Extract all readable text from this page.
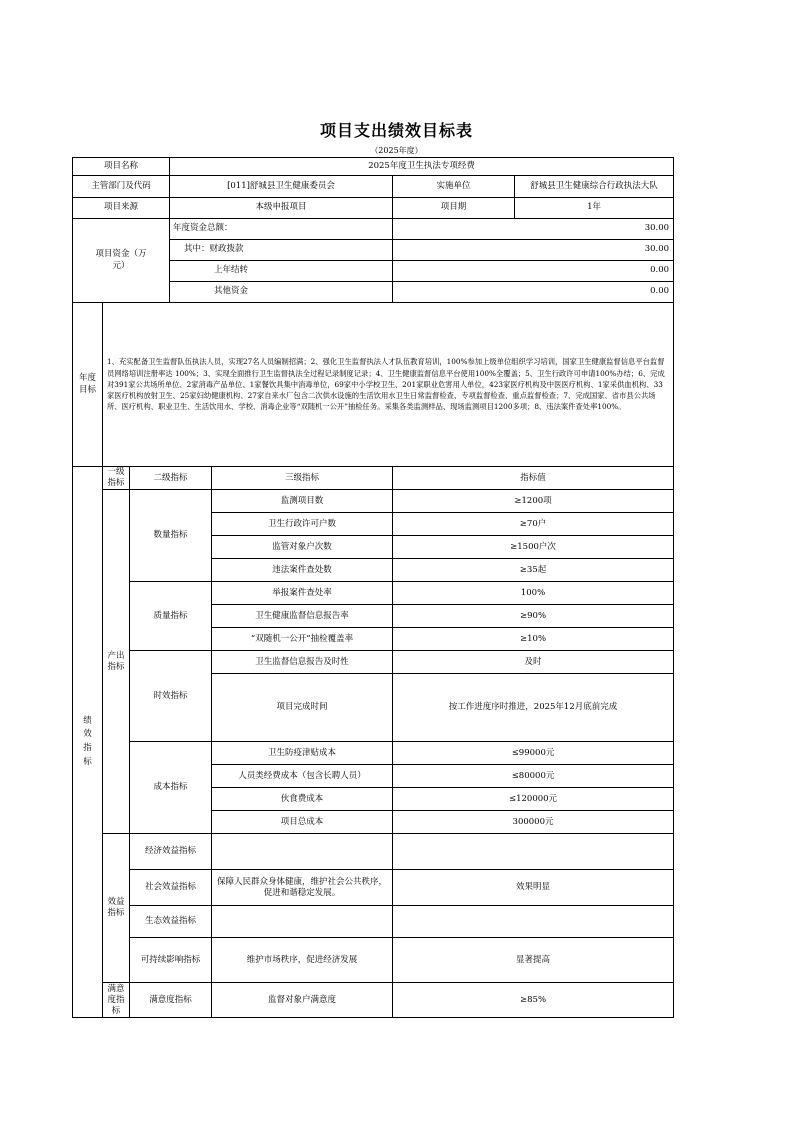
项目支出绩效目标表
（2025年度）
项目名称			2025年度卫生执法专项经费			
主管部门及代码			[011]舒城县卫生健康委员会		实施单位	舒城县卫生健康综合行政执法大队
项目来源			本级申报项目		项目期	1年
项目资金（万元）			年度资金总额：		30.00	
			其中：财政拨款		30.00	
			上年结转		0.00	
			其他资金		0.00	
年度目标	1、充实配备卫生监督队伍执法人员，实现27名人员编制招满；2、强化卫生监督执法人才队伍教育培训，100%参加上级单位组织学习培训，国家卫生健康监督信息平台监督员网络培训注册率达 100%；3、实现全面推行卫生监督执法全过程记录制度记录；4、卫生健康监督信息平台使用100%全覆盖；5、卫生行政许可申请100%办结；6、完成对391家公共场所单位、2家消毒产品单位、1家餐饮具集中消毒单位，69家中小学校卫生、201家职业危害用人单位，423家医疗机构及中医医疗机构、1家采供血机构、33家医疗机构放射卫生、25家妇幼健康机构、27家自来水厂包含二次供水设施的生活饮用水卫生日常监督检查、专项监督检查、重点监督检查；7、完成国家、省市县公共场所、医疗机构、职业卫生、生活饮用水、学校、消毒企业等“双随机一公开”抽检任务。采集各类监测样品、现场监测项目1200多项；8、违法案件查处率100%。					
绩效指标	一级指标	二级指标		三级指标	指标值	
	产出指标	数量指标		监测项目数	≥1200项	
				卫生行政许可户数	≥70户	
				监管对象户次数	≥1500户次	
				违法案件查处数	≥35起	
		质量指标		举报案件查处率	100%	
				卫生健康监督信息报告率	≥90%	
				“双随机一公开”抽检覆盖率	≥10%	
		时效指标		卫生监督信息报告及时性	及时	
				项目完成时间	按工作进度序时推进，2025年12月底前完成	
		成本指标		卫生防疫津贴成本	≤99000元	
				人员类经费成本（包含长聘人员）	≤80000元	
				伙食费成本	≤120000元	
				项目总成本	300000元	
	效益指标	经济效益指标				
		社会效益指标		保障人民群众身体健康，维护社会公共秩序，促进和谐稳定发展。	效果明显	
		生态效益指标				
		可持续影响指标		维护市场秩序，促进经济发展	显著提高	
	满意度指标	满意度指标		监督对象户满意度	≥85%	
